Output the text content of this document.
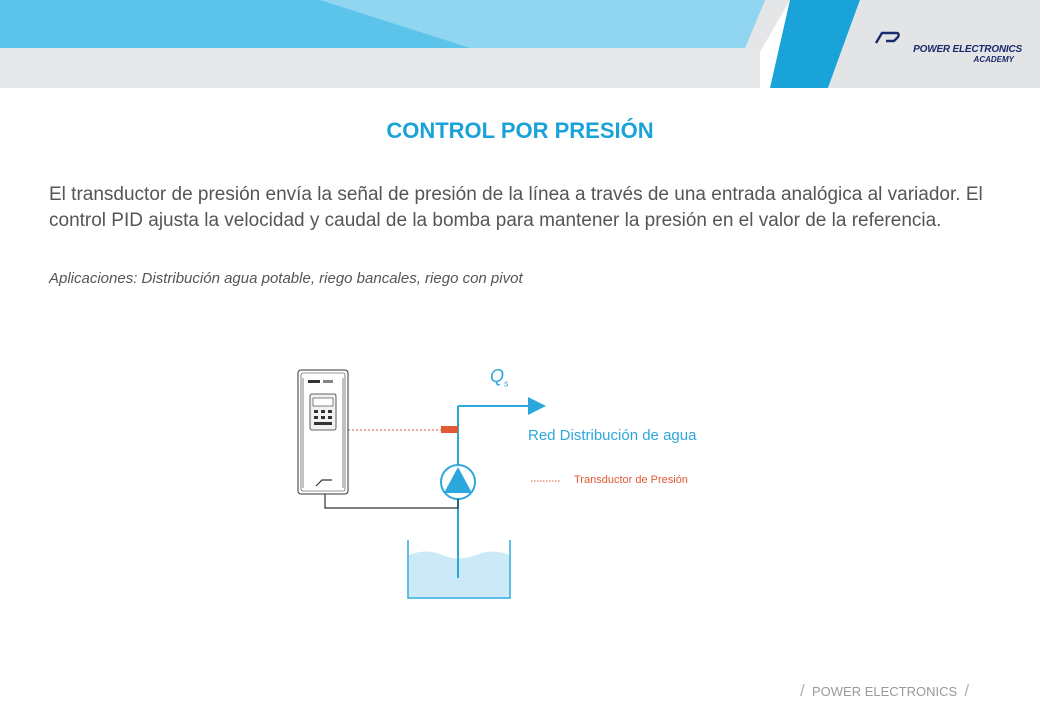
POWER ELECTRONICS
ACADEMY
CONTROL POR PRESIÓN

El transductor de presión envía la señal de presión de la línea a través de una entrada analógica al variador. El control PID ajusta la velocidad y caudal de la bomba para mantener la presión en el valor de la referencia.

Aplicaciones: Distribución agua potable, riego bancales, riego con pivot

$Q_s$
Red Distribución de agua
Transductor de Presión
/ POWER ELECTRONICS /
